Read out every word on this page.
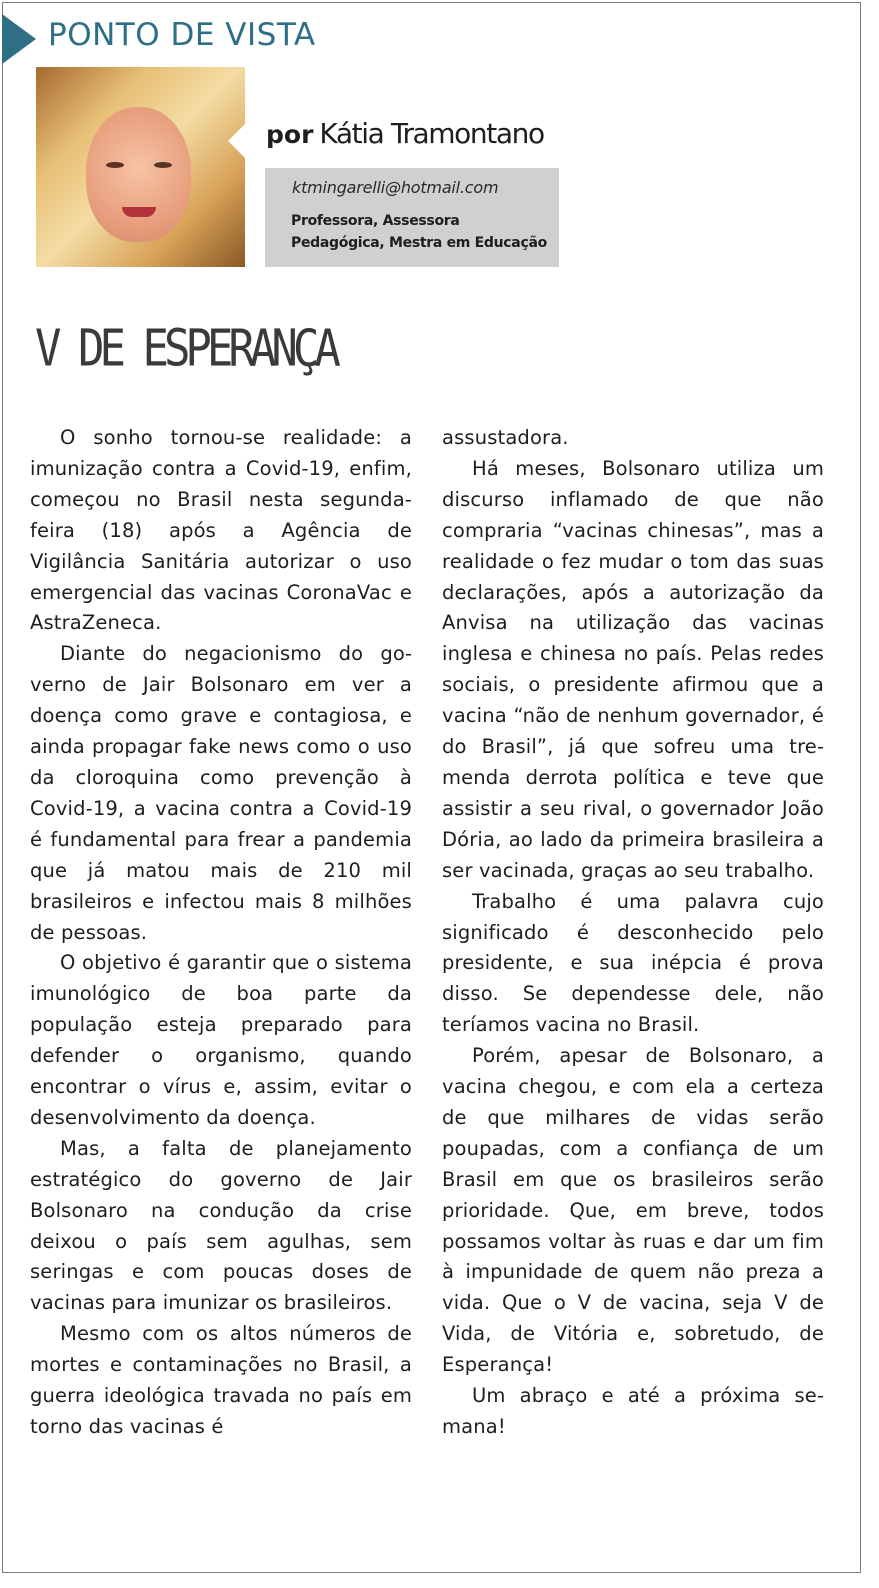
PONTO DE VISTA
por Kátia Tramontano
ktmingarelli@hotmail.com
Professora, Assessora
Pedagógica, Mestra em Educação
V DE ESPERANÇA

O sonho tornou-se realidade: a imunização contra a Covid-19, enfim, começou no Brasil nesta segunda-feira (18) após a Agência de Vigilância Sanitária autorizar o uso emergencial das vacinas CoronaVac e AstraZeneca.

Diante do negacionismo do governo de Jair Bolsonaro em ver a doença como grave e contagiosa, e ainda propagar fake news como o uso da cloroquina como prevenção à Covid-19, a vacina contra a Covid-19 é fundamental para frear a pandemia que já matou mais de 210 mil brasileiros e infectou mais 8 milhões de pessoas.

O objetivo é garantir que o sistema imunológico de boa parte da população esteja preparado para defender o organismo, quando encontrar o vírus e, assim, evitar o desenvolvimento da doença.

Mas, a falta de planejamento estratégico do governo de Jair Bolsonaro na condução da crise deixou o país sem agulhas, sem seringas e com poucas doses de vacinas para imunizar os brasileiros.

Mesmo com os altos números de mortes e contaminações no Brasil, a guerra ideológica travada no país em torno das vacinas é

assustadora.

Há meses, Bolsonaro utiliza um discurso inflamado de que não compraria “vacinas chinesas”, mas a realidade o fez mudar o tom das suas declarações, após a autorização da Anvisa na utilização das vacinas inglesa e chinesa no país. Pelas redes sociais, o presidente afirmou que a vacina “não de nenhum governador, é do Brasil”, já que sofreu uma tremenda derrota política e teve que assistir a seu rival, o governador João Dória, ao lado da primeira brasileira a ser vacinada, graças ao seu trabalho.

Trabalho é uma palavra cujo significado é desconhecido pelo presidente, e sua inépcia é prova disso. Se dependesse dele, não teríamos vacina no Brasil.

Porém, apesar de Bolsonaro, a vacina chegou, e com ela a certeza de que milhares de vidas serão poupadas, com a confiança de um Brasil em que os brasileiros serão prioridade. Que, em breve, todos possamos voltar às ruas e dar um fim à impunidade de quem não preza a vida. Que o V de vacina, seja V de Vida, de Vitória e, sobretudo, de Esperança!

Um abraço e até a próxima semana!
